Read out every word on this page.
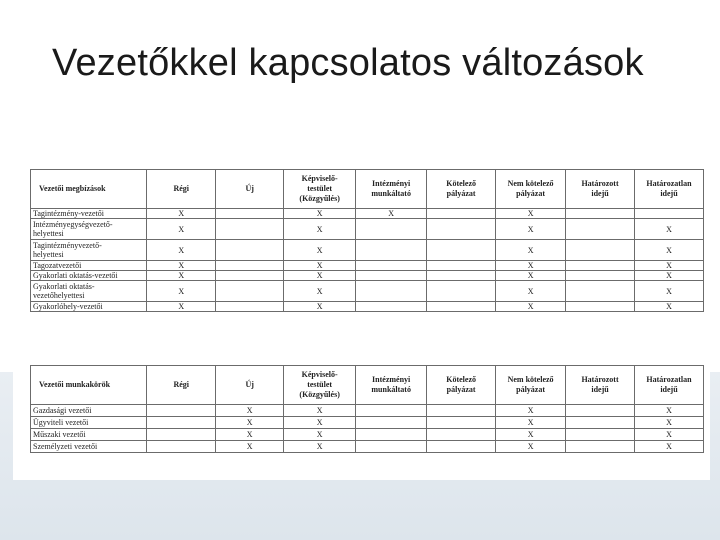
Vezetőkkel kapcsolatos változások
Vezetői megbízások	Régi	Új	Képviselő-
testület
(Közgyűlés)	Intézményi
munkáltató	Kötelező
pályázat	Nem kötelező
pályázat	Határozott
idejű	Határozatlan
idejű
Tagintézmény-vezetői	X		X	X		X		
Intézményegységvezető-
helyettesi	X		X			X		X
Tagintézményvezető-
helyettesi	X		X			X		X
Tagozatvezetői	X		X			X		X
Gyakorlati oktatás-vezetői	X		X			X		X
Gyakorlati oktatás-
vezetőhelyettesi	X		X			X		X
Gyakorlóhely-vezetői	X		X			X		X
Vezetői munkakörök	Régi	Új	Képviselő-
testület
(Közgyűlés)	Intézményi
munkáltató	Kötelező
pályázat	Nem kötelező
pályázat	Határozott
idejű	Határozatlan
idejű
Gazdasági vezetői		X	X			X		X
Ügyviteli vezetői		X	X			X		X
Műszaki vezetői		X	X			X		X
Személyzeti vezetői		X	X			X		X
